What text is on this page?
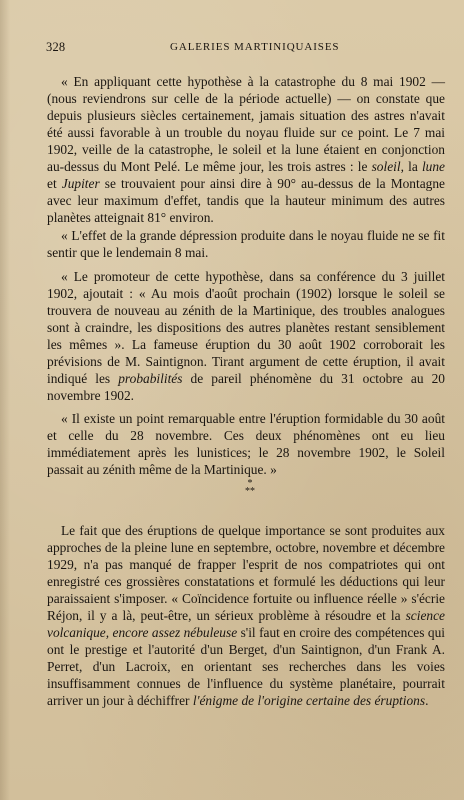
328	GALERIES MARTINIQUAISES

« En appliquant cette hypothèse à la catastrophe du 8 mai 1902 — (nous reviendrons sur celle de la période actuelle) — on constate que depuis plusieurs siècles certainement, jamais situation des astres n'avait été aussi favorable à un trouble du noyau fluide sur ce point. Le 7 mai 1902, veille de la catastrophe, le soleil et la lune étaient en conjonction au-dessus du Mont Pelé. Le même jour, les trois astres : le soleil, la lune et Jupiter se trouvaient pour ainsi dire à 90° au-dessus de la Montagne avec leur maximum d'effet, tandis que la hauteur minimum des autres planètes atteignait 81° environ.

« L'effet de la grande dépression produite dans le noyau fluide ne se fit sentir que le lendemain 8 mai.

« Le promoteur de cette hypothèse, dans sa conférence du 3 juillet 1902, ajoutait : « Au mois d'août prochain (1902) lorsque le soleil se trouvera de nouveau au zénith de la Martinique, des troubles analogues sont à craindre, les dispositions des autres planètes restant sensiblement les mêmes ». La fameuse éruption du 30 août 1902 corroborait les prévisions de M. Saintignon. Tirant argument de cette éruption, il avait indiqué les probabilités de pareil phénomène du 31 octobre au 20 novembre 1902.

« Il existe un point remarquable entre l'éruption formidable du 30 août et celle du 28 novembre. Ces deux phénomènes ont eu lieu immédiatement après les lunistices; le 28 novembre 1902, le Soleil passait au zénith même de la Martinique. »

*
**

Le fait que des éruptions de quelque importance se sont produites aux approches de la pleine lune en septembre, octobre, novembre et décembre 1929, n'a pas manqué de frapper l'esprit de nos compatriotes qui ont enregistré ces grossières constatations et formulé les déductions qui leur paraissaient s'imposer. « Coïncidence fortuite ou influence réelle » s'écrie Réjon, il y a là, peut-être, un sérieux problème à résoudre et la science volcanique, encore assez nébuleuse s'il faut en croire des compétences qui ont le prestige et l'autorité d'un Berget, d'un Saintignon, d'un Frank A. Perret, d'un Lacroix, en orientant ses recherches dans les voies insuffisamment connues de l'influence du système planétaire, pourrait arriver un jour à déchiffrer l'énigme de l'origine certaine des éruptions.
